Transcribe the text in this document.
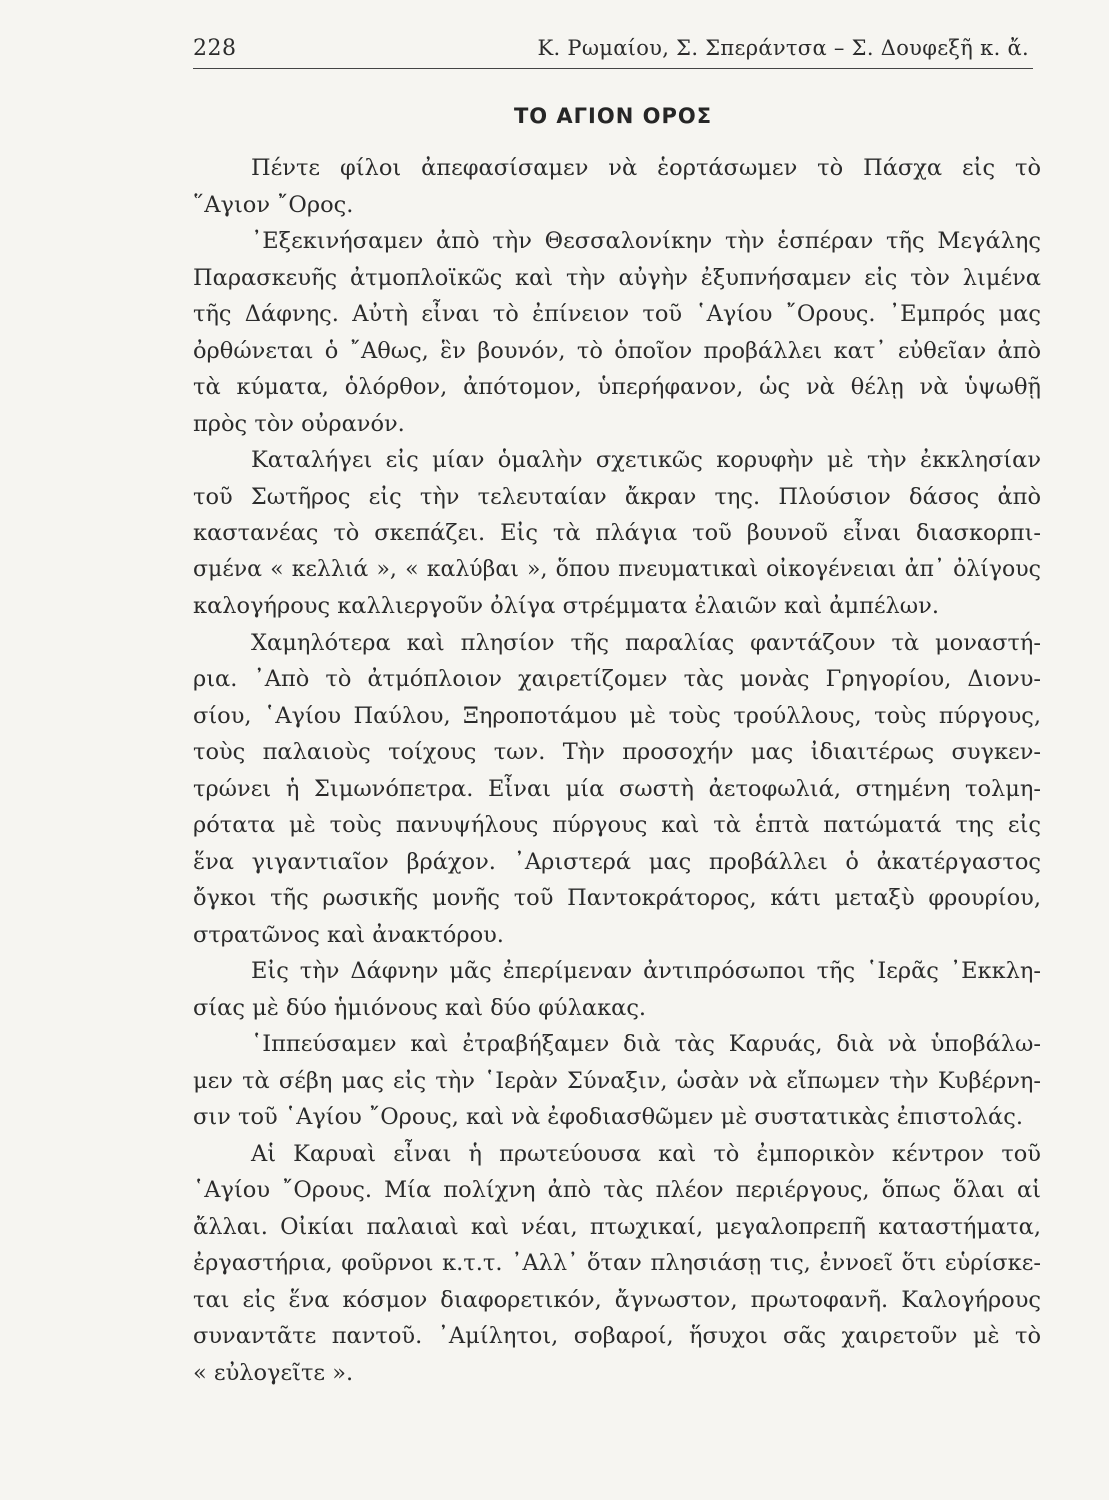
228	Κ. Ρωμαίου, Σ. Σπεράντσα – Σ. Δουφεξῆ κ. ἄ.
ΤΟ ΑΓΙΟΝ ΟΡΟΣ
Πέντε φίλοι ἀπεφασίσαμεν νὰ ἑορτάσωμεν τὸ Πάσχα εἰς τὸ
῞Αγιον ῎Ορος.
᾿Εξεκινήσαμεν ἀπὸ τὴν Θεσσαλονίκην τὴν ἑσπέραν τῆς Μεγάλης
Παρασκευῆς ἀτμοπλοϊκῶς καὶ τὴν αὐγὴν ἐξυπνήσαμεν εἰς τὸν λιμένα
τῆς Δάφνης. Αὐτὴ εἶναι τὸ ἐπίνειον τοῦ ῾Αγίου ῎Ορους. ᾿Εμπρός μας
ὀρθώνεται ὁ ῎Αθως, ἓν βουνόν, τὸ ὁποῖον προβάλλει κατ᾿ εὐθεῖαν ἀπὸ
τὰ κύματα, ὁλόρθον, ἀπότομον, ὑπερήφανον, ὡς νὰ θέλῃ νὰ ὑψωθῇ
πρὸς τὸν οὐρανόν.
Καταλήγει εἰς μίαν ὁμαλὴν σχετικῶς κορυφὴν μὲ τὴν ἐκκλησίαν
τοῦ Σωτῆρος εἰς τὴν τελευταίαν ἄκραν της. Πλούσιον δάσος ἀπὸ
καστανέας τὸ σκεπάζει. Εἰς τὰ πλάγια τοῦ βουνοῦ εἶναι διασκορπι-
σμένα « κελλιά », « καλύβαι », ὅπου πνευματικαὶ οἰκογένειαι ἀπ᾿ ὀλίγους
καλογήρους καλλιεργοῦν ὀλίγα στρέμματα ἐλαιῶν καὶ ἀμπέλων.
Χαμηλότερα καὶ πλησίον τῆς παραλίας φαντάζουν τὰ μοναστή-
ρια. ᾿Απὸ τὸ ἀτμόπλοιον χαιρετίζομεν τὰς μονὰς Γρηγορίου, Διονυ-
σίου, ῾Αγίου Παύλου, Ξηροποτάμου μὲ τοὺς τρούλλους, τοὺς πύργους,
τοὺς παλαιοὺς τοίχους των. Τὴν προσοχήν μας ἰδιαιτέρως συγκεν-
τρώνει ἡ Σιμωνόπετρα. Εἶναι μία σωστὴ ἀετοφωλιά, στημένη τολμη-
ρότατα μὲ τοὺς πανυψήλους πύργους καὶ τὰ ἑπτὰ πατώματά της εἰς
ἕνα γιγαντιαῖον βράχον. ᾿Αριστερά μας προβάλλει ὁ ἀκατέργαστος
ὄγκοι τῆς ρωσικῆς μονῆς τοῦ Παντοκράτορος, κάτι μεταξὺ φρουρίου,
στρατῶνος καὶ ἀνακτόρου.
Εἰς τὴν Δάφνην μᾶς ἐπερίμεναν ἀντιπρόσωποι τῆς ῾Ιερᾶς ᾿Εκκλη-
σίας μὲ δύο ἡμιόνους καὶ δύο φύλακας.
῾Ιππεύσαμεν καὶ ἐτραβήξαμεν διὰ τὰς Καρυάς, διὰ νὰ ὑποβάλω-
μεν τὰ σέβη μας εἰς τὴν ῾Ιερὰν Σύναξιν, ὡσὰν νὰ εἴπωμεν τὴν Κυβέρνη-
σιν τοῦ ῾Αγίου ῎Ορους, καὶ νὰ ἐφοδιασθῶμεν μὲ συστατικὰς ἐπιστολάς.
Αἱ Καρυαὶ εἶναι ἡ πρωτεύουσα καὶ τὸ ἐμπορικὸν κέντρον τοῦ
῾Αγίου ῎Ορους. Μία πολίχνη ἀπὸ τὰς πλέον περιέργους, ὅπως ὅλαι αἱ
ἄλλαι. Οἰκίαι παλαιαὶ καὶ νέαι, πτωχικαί, μεγαλοπρεπῆ καταστήματα,
ἐργαστήρια, φοῦρνοι κ.τ.τ. ᾿Αλλ᾿ ὅταν πλησιάσῃ τις, ἐννοεῖ ὅτι εὑρίσκε-
ται εἰς ἕνα κόσμον διαφορετικόν, ἄγνωστον, πρωτοφανῆ. Καλογήρους
συναντᾶτε παντοῦ. ᾿Αμίλητοι, σοβαροί, ἥσυχοι σᾶς χαιρετοῦν μὲ τὸ
« εὐλογεῖτε ».
